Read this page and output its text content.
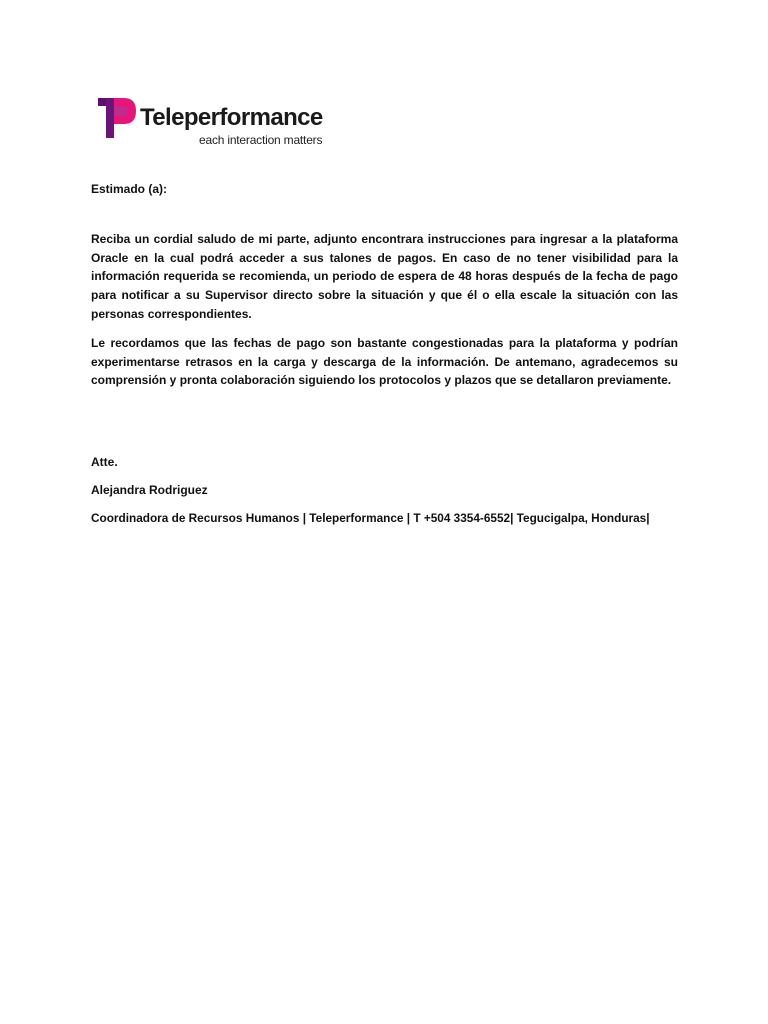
Teleperformance
each interaction matters

Estimado (a):

Reciba un cordial saludo de mi parte, adjunto encontrara instrucciones para ingresar a la plataforma Oracle en la cual podrá acceder a sus talones de pagos. En caso de no tener visibilidad para la información requerida se recomienda, un periodo de espera de 48 horas después de la fecha de pago para notificar a su Supervisor directo sobre la situación y que él o ella escale la situación con las personas correspondientes.

Le recordamos que las fechas de pago son bastante congestionadas para la plataforma y podrían experimentarse retrasos en la carga y descarga de la información. De antemano, agradecemos su comprensión y pronta colaboración siguiendo los protocolos y plazos que se detallaron previamente.

Atte.

Alejandra Rodriguez

Coordinadora de Recursos Humanos | Teleperformance | T +504 3354-6552| Tegucigalpa, Honduras|
